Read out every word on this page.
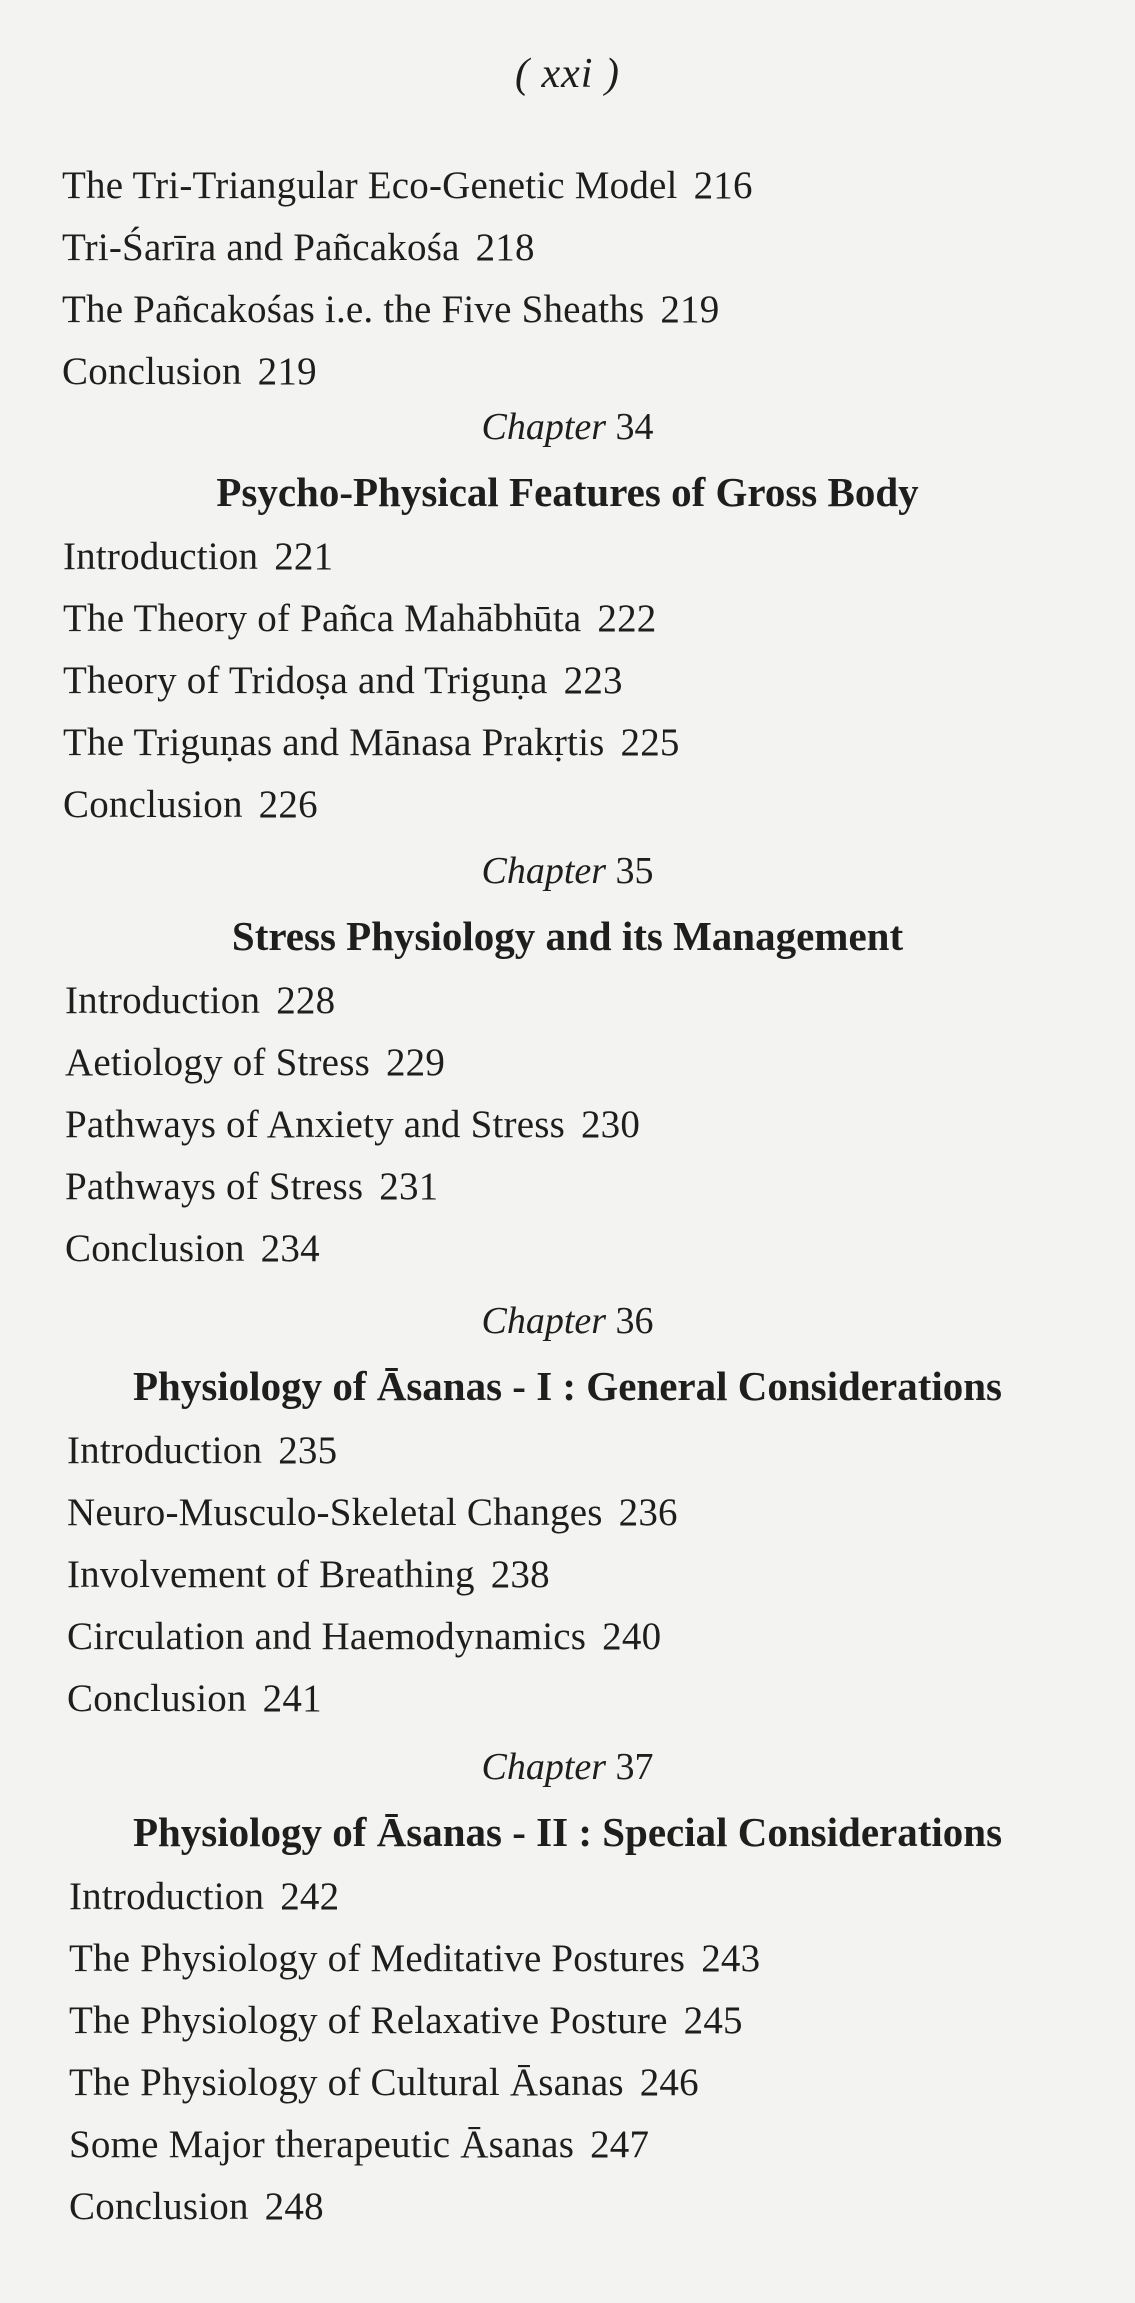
( xxi )
The Tri-Triangular Eco-Genetic Model 216
Tri-Śarīra and Pañcakośa 218
The Pañcakośas i.e. the Five Sheaths 219
Conclusion 219
Chapter 34
Psycho-Physical Features of Gross Body
Introduction 221
The Theory of Pañca Mahābhūta 222
Theory of Tridoṣa and Triguṇa 223
The Triguṇas and Mānasa Prakṛtis 225
Conclusion 226
Chapter 35
Stress Physiology and its Management
Introduction 228
Aetiology of Stress 229
Pathways of Anxiety and Stress 230
Pathways of Stress 231
Conclusion 234
Chapter 36
Physiology of Āsanas - I : General Considerations
Introduction 235
Neuro-Musculo-Skeletal Changes 236
Involvement of Breathing 238
Circulation and Haemodynamics 240
Conclusion 241
Chapter 37
Physiology of Āsanas - II : Special Considerations
Introduction 242
The Physiology of Meditative Postures 243
The Physiology of Relaxative Posture 245
The Physiology of Cultural Āsanas 246
Some Major therapeutic Āsanas 247
Conclusion 248
